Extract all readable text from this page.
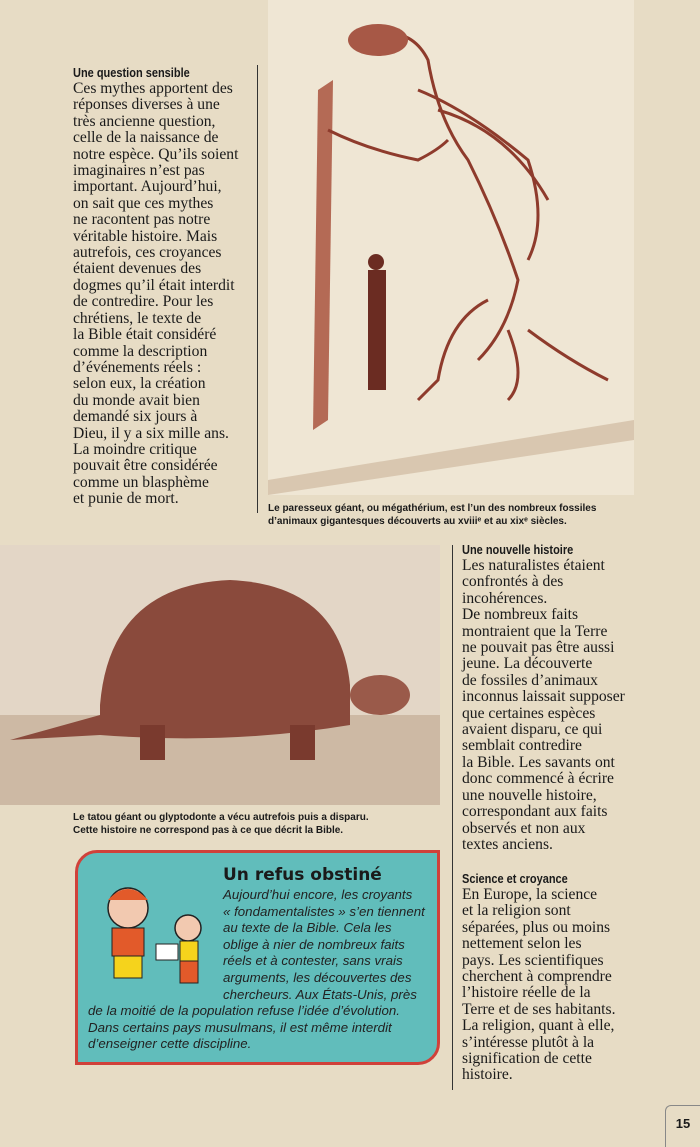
Une question sensible
Ces mythes apportent des
réponses diverses à une
très ancienne question,
celle de la naissance de
notre espèce. Qu’ils soient
imaginaires n’est pas
important. Aujourd’hui,
on sait que ces mythes
ne racontent pas notre
véritable histoire. Mais
autrefois, ces croyances
étaient devenues des
dogmes qu’il était interdit
de contredire. Pour les
chrétiens, le texte de
la Bible était considéré
comme la description
d’événements réels :
selon eux, la création
du monde avait bien
demandé six jours à
Dieu, il y a six mille ans.
La moindre critique
pouvait être considérée
comme un blasphème
et punie de mort.
Le paresseux géant, ou mégathérium, est l’un des nombreux fossiles
d’animaux gigantesques découverts au xviiiᵉ et au xixᵉ siècles.
Le tatou géant ou glyptodonte a vécu autrefois puis a disparu.
Cette histoire ne correspond pas à ce que décrit la Bible.
Une nouvelle histoire
Les naturalistes étaient
confrontés à des
incohérences.
De nombreux faits
montraient que la Terre
ne pouvait pas être aussi
jeune. La découverte
de fossiles d’animaux
inconnus laissait supposer
que certaines espèces
avaient disparu, ce qui
semblait contredire
la Bible. Les savants ont
donc commencé à écrire
une nouvelle histoire,
correspondant aux faits
observés et non aux
textes anciens.
Science et croyance
En Europe, la science
et la religion sont
séparées, plus ou moins
nettement selon les
pays. Les scientifiques
cherchent à comprendre
l’histoire réelle de la
Terre et de ses habitants.
La religion, quant à elle,
s’intéresse plutôt à la
signification de cette
histoire.
Un refus obstiné
Aujourd’hui encore, les croyants
« fondamentalistes » s’en tiennent
au texte de la Bible. Cela les
oblige à nier de nombreux faits
réels et à contester, sans vrais
arguments, les découvertes des
chercheurs. Aux États-Unis, près
de la moitié de la population refuse l’idée d’évolution.
Dans certains pays musulmans, il est même interdit
d’enseigner cette discipline.
15
